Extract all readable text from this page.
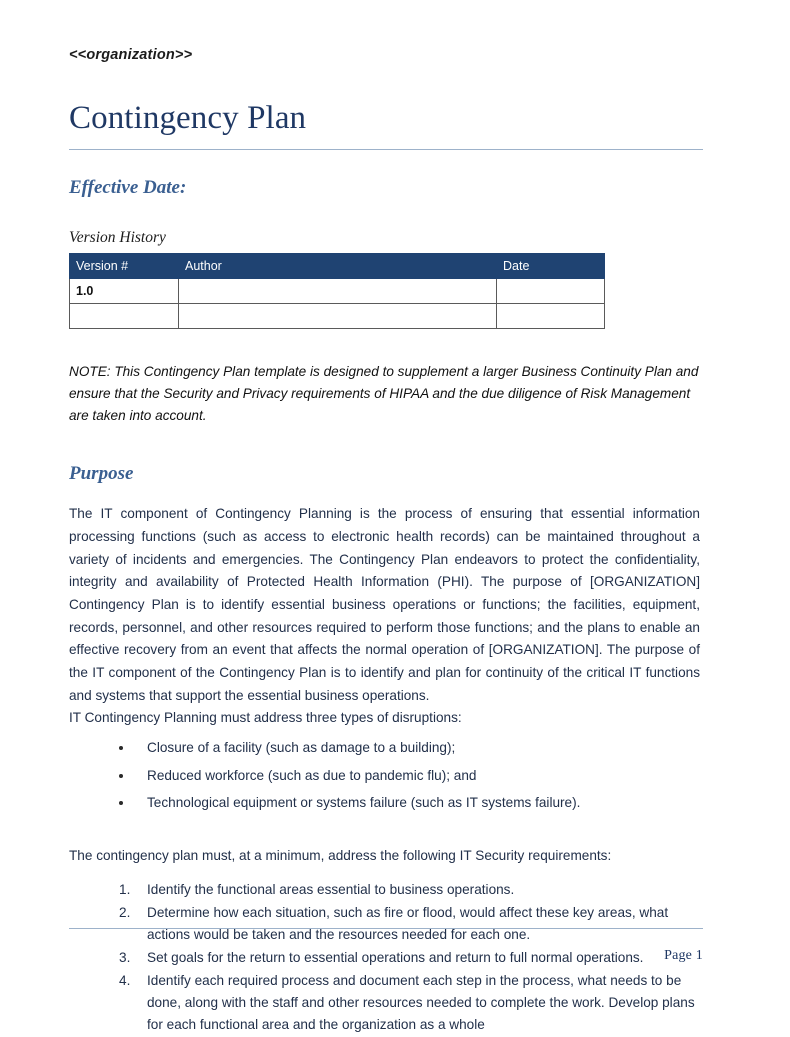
<<organization>>
Contingency Plan
Effective Date:
Version History
Version #	Author	Date
1.0		

NOTE: This Contingency Plan template is designed to supplement a larger Business Continuity Plan and ensure that the Security and Privacy requirements of HIPAA and the due diligence of Risk Management are taken into account.
Purpose
The IT component of Contingency Planning is the process of ensuring that essential information processing functions (such as access to electronic health records) can be maintained throughout a variety of incidents and emergencies. The Contingency Plan endeavors to protect the confidentiality, integrity and availability of Protected Health Information (PHI). The purpose of [ORGANIZATION] Contingency Plan is to identify essential business operations or functions; the facilities, equipment, records, personnel, and other resources required to perform those functions; and the plans to enable an effective recovery from an event that affects the normal operation of [ORGANIZATION]. The purpose of the IT component of the Contingency Plan is to identify and plan for continuity of the critical IT functions and systems that support the essential business operations.
IT Contingency Planning must address three types of disruptions:
Closure of a facility (such as damage to a building);
Reduced workforce (such as due to pandemic flu); and
Technological equipment or systems failure (such as IT systems failure).
The contingency plan must, at a minimum, address the following IT Security requirements:
Identify the functional areas essential to business operations.
Determine how each situation, such as fire or flood, would affect these key areas, what actions would be taken and the resources needed for each one.
Set goals for the return to essential operations and return to full normal operations.
Identify each required process and document each step in the process, what needs to be done, along with the staff and other resources needed to complete the work. Develop plans for each functional area and the organization as a whole
Page 1
